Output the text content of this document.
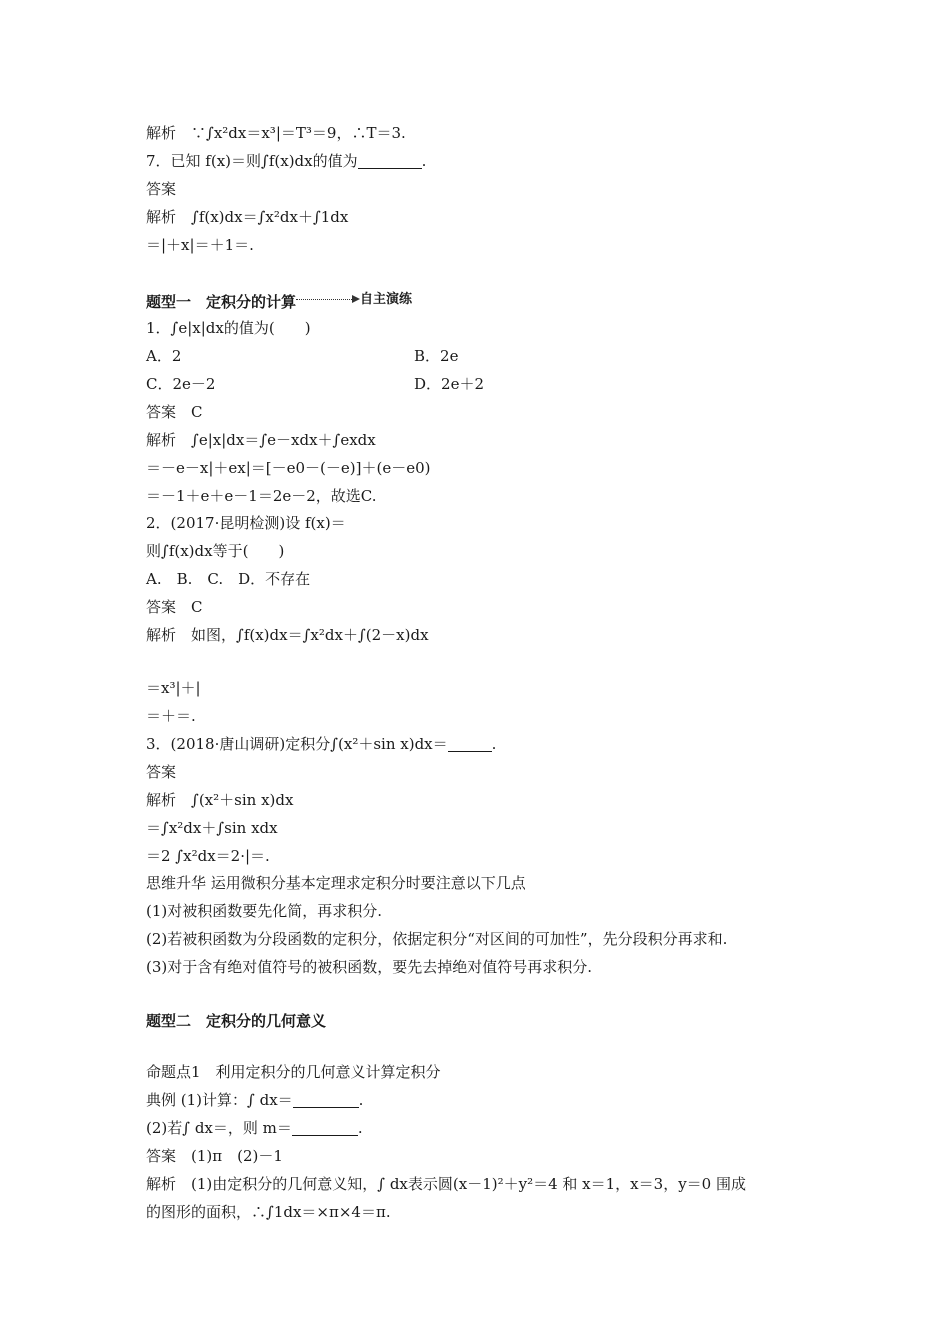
解析　∵∫x²dx＝x³|＝T³＝9，∴T＝3.
7．已知 f(x)＝则∫f(x)dx的值为	.
答案
解析　∫f(x)dx＝∫x²dx＋∫1dx
＝|＋x|＝＋1＝.
题型一　定积分的计算	自主演练
1．∫e|x|dx的值为(　　)
A．2	B．2e
C．2e－2	D．2e＋2
答案　C
解析　∫e|x|dx＝∫e－xdx＋∫exdx
＝－e－x|＋ex|＝[－e0－(－e)]＋(e－e0)
＝－1＋e＋e－1＝2e－2，故选C.
2．(2017·昆明检测)设 f(x)＝
则∫f(x)dx等于(　　)
A.　B.　C.　D．不存在
答案　C
解析　如图，∫f(x)dx＝∫x²dx＋∫(2－x)dx
＝x³|＋|
＝＋＝.
3．(2018·唐山调研)定积分∫(x²＋sin x)dx＝	.
答案
解析　∫(x²＋sin x)dx
＝∫x²dx＋∫sin xdx
＝2 ∫x²dx＝2·|＝.
思维升华 运用微积分基本定理求定积分时要注意以下几点
(1)对被积函数要先化简，再求积分.
(2)若被积函数为分段函数的定积分，依据定积分“对区间的可加性”，先分段积分再求和.
(3)对于含有绝对值符号的被积函数，要先去掉绝对值符号再求积分.
题型二　定积分的几何意义
命题点1　利用定积分的几何意义计算定积分
典例 (1)计算：∫ dx＝	.
(2)若∫ dx＝，则 m＝	.
答案　(1)π　(2)－1
解析　(1)由定积分的几何意义知，∫ dx表示圆(x－1)²＋y²＝4 和 x＝1，x＝3，y＝0 围成
的图形的面积，∴∫1dx＝×π×4＝π.
